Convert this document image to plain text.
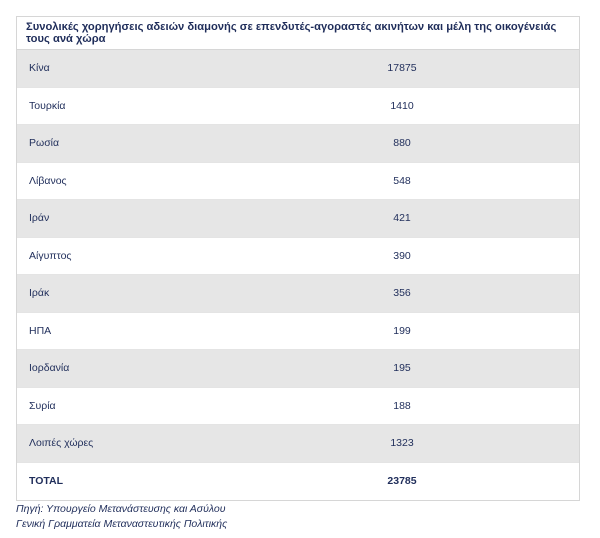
Συνολικές χορηγήσεις αδειών διαμονής σε επενδυτές-αγοραστές ακινήτων και μέλη της οικογένειάς τους ανά χώρα
Κίνα	17875
Τουρκία	1410
Ρωσία	880
Λίβανος	548
Ιράν	421
Αίγυπτος	390
Ιράκ	356
ΗΠΑ	199
Ιορδανία	195
Συρία	188
Λοιπές χώρες	1323
TOTAL	23785
Πηγή: Υπουργείο Μετανάστευσης και Ασύλου
Γενική Γραμματεία Μεταναστευτικής Πολιτικής
